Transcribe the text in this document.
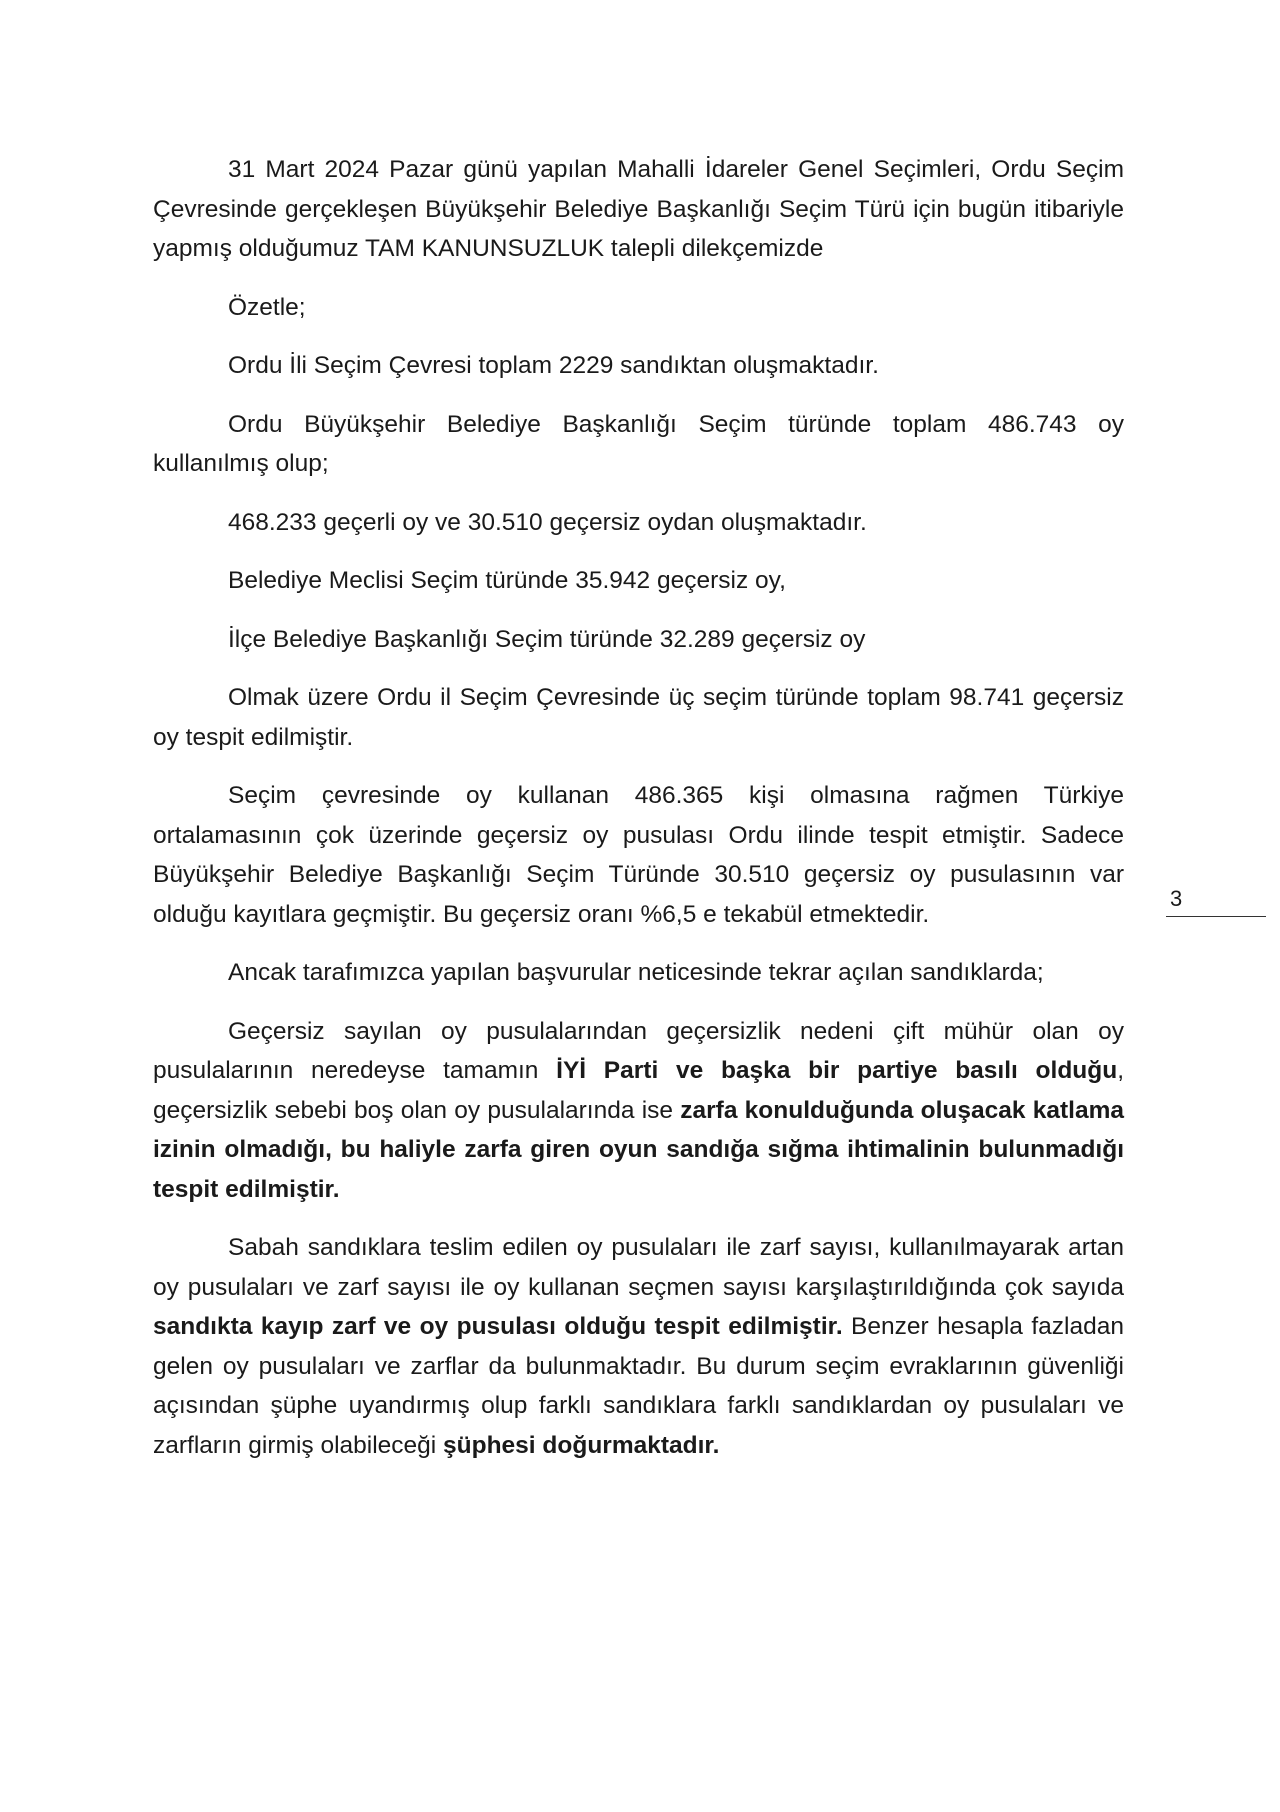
31 Mart 2024 Pazar günü yapılan Mahalli İdareler Genel Seçimleri, Ordu Seçim Çevresinde gerçekleşen Büyükşehir Belediye Başkanlığı Seçim Türü için bugün itibariyle yapmış olduğumuz TAM KANUNSUZLUK talepli dilekçemizde

Özetle;

Ordu İli Seçim Çevresi toplam 2229 sandıktan oluşmaktadır.

Ordu Büyükşehir Belediye Başkanlığı Seçim türünde toplam 486.743 oy kullanılmış olup;

468.233 geçerli oy ve 30.510 geçersiz oydan oluşmaktadır.

Belediye Meclisi Seçim türünde 35.942 geçersiz oy,

İlçe Belediye Başkanlığı Seçim türünde 32.289 geçersiz oy

Olmak üzere Ordu il Seçim Çevresinde üç seçim türünde toplam 98.741 geçersiz oy tespit edilmiştir.

Seçim çevresinde oy kullanan 486.365 kişi olmasına rağmen Türkiye ortalamasının çok üzerinde geçersiz oy pusulası Ordu ilinde tespit etmiştir. Sadece Büyükşehir Belediye Başkanlığı Seçim Türünde 30.510 geçersiz oy pusulasının var olduğu kayıtlara geçmiştir. Bu geçersiz oranı %6,5 e tekabül etmektedir.

Ancak tarafımızca yapılan başvurular neticesinde tekrar açılan sandıklarda;

Geçersiz sayılan oy pusulalarından geçersizlik nedeni çift mühür olan oy pusulalarının neredeyse tamamın İYİ Parti ve başka bir partiye basılı olduğu, geçersizlik sebebi boş olan oy pusulalarında ise zarfa konulduğunda oluşacak katlama izinin olmadığı, bu haliyle zarfa giren oyun sandığa sığma ihtimalinin bulunmadığı tespit edilmiştir.

Sabah sandıklara teslim edilen oy pusulaları ile zarf sayısı, kullanılmayarak artan oy pusulaları ve zarf sayısı ile oy kullanan seçmen sayısı karşılaştırıldığında çok sayıda sandıkta kayıp zarf ve oy pusulası olduğu tespit edilmiştir. Benzer hesapla fazladan gelen oy pusulaları ve zarflar da bulunmaktadır. Bu durum seçim evraklarının güvenliği açısından şüphe uyandırmış olup farklı sandıklara farklı sandıklardan oy pusulaları ve zarfların girmiş olabileceği şüphesi doğurmaktadır.

3
